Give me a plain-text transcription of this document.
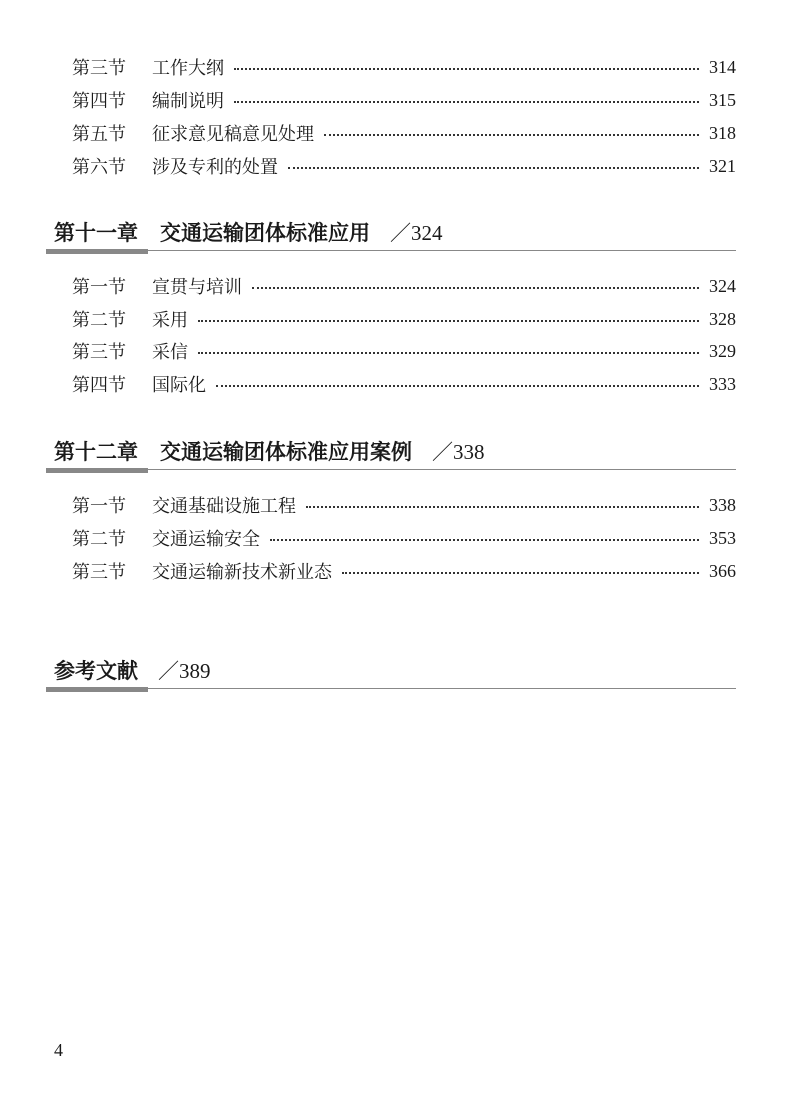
第三节	工作大纲	314
第四节	编制说明	315
第五节	征求意见稿意见处理	318
第六节	涉及专利的处置	321
第十一章 交通运输团体标准应用 ／324
第一节	宣贯与培训	324
第二节	采用	328
第三节	采信	329
第四节	国际化	333
第十二章 交通运输团体标准应用案例 ／338
第一节	交通基础设施工程	338
第二节	交通运输安全	353
第三节	交通运输新技术新业态	366
参考文献 ／389
4
